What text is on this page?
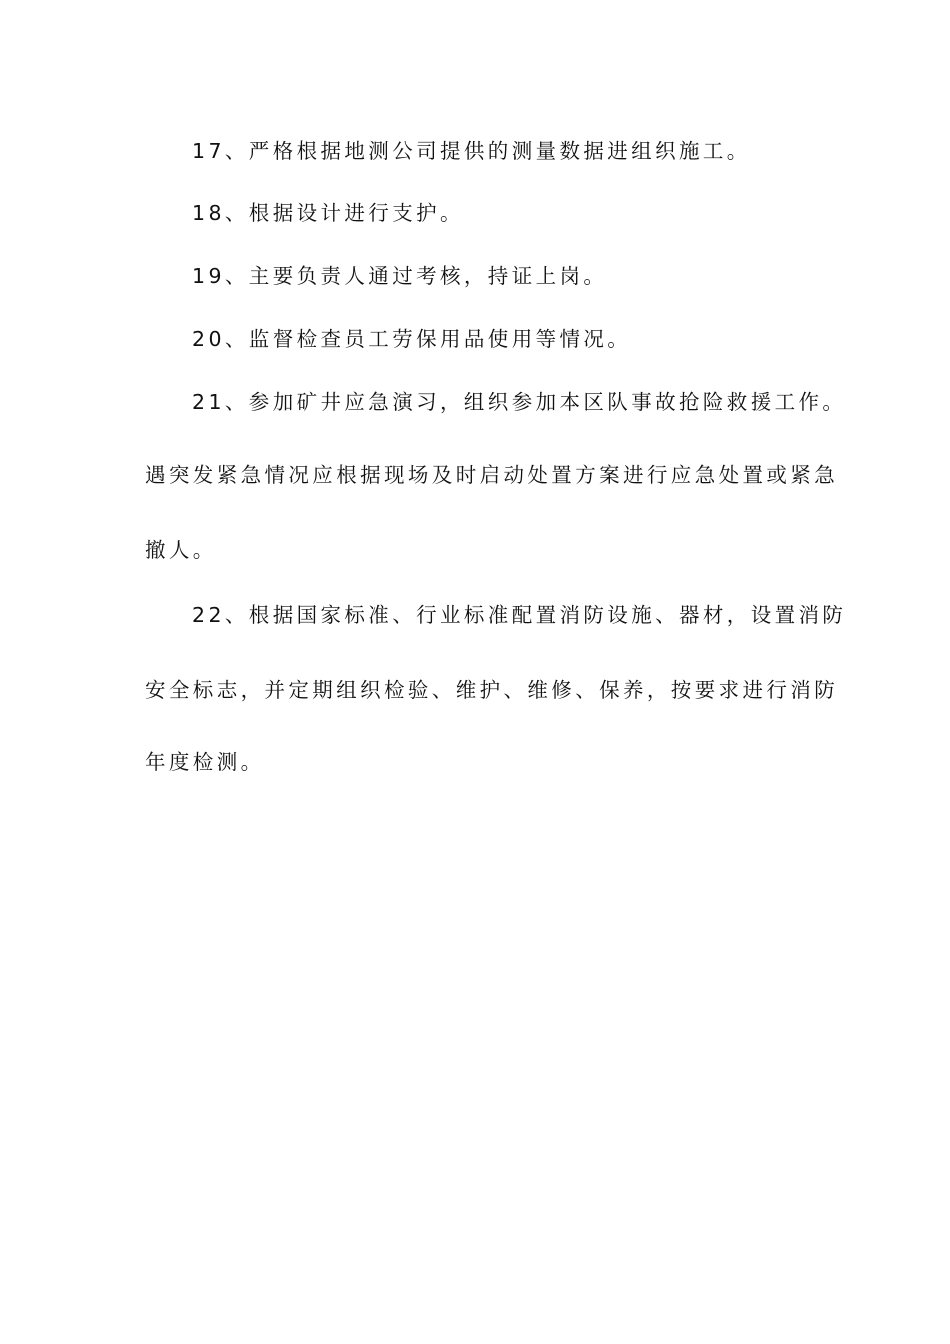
17、严格根据地测公司提供的测量数据进组织施工。
18、根据设计进行支护。
19、主要负责人通过考核，持证上岗。
20、监督检查员工劳保用品使用等情况。
21、参加矿井应急演习，组织参加本区队事故抢险救援工作。
遇突发紧急情况应根据现场及时启动处置方案进行应急处置或紧急
撤人。
22、根据国家标准、行业标准配置消防设施、器材，设置消防
安全标志，并定期组织检验、维护、维修、保养，按要求进行消防
年度检测。
